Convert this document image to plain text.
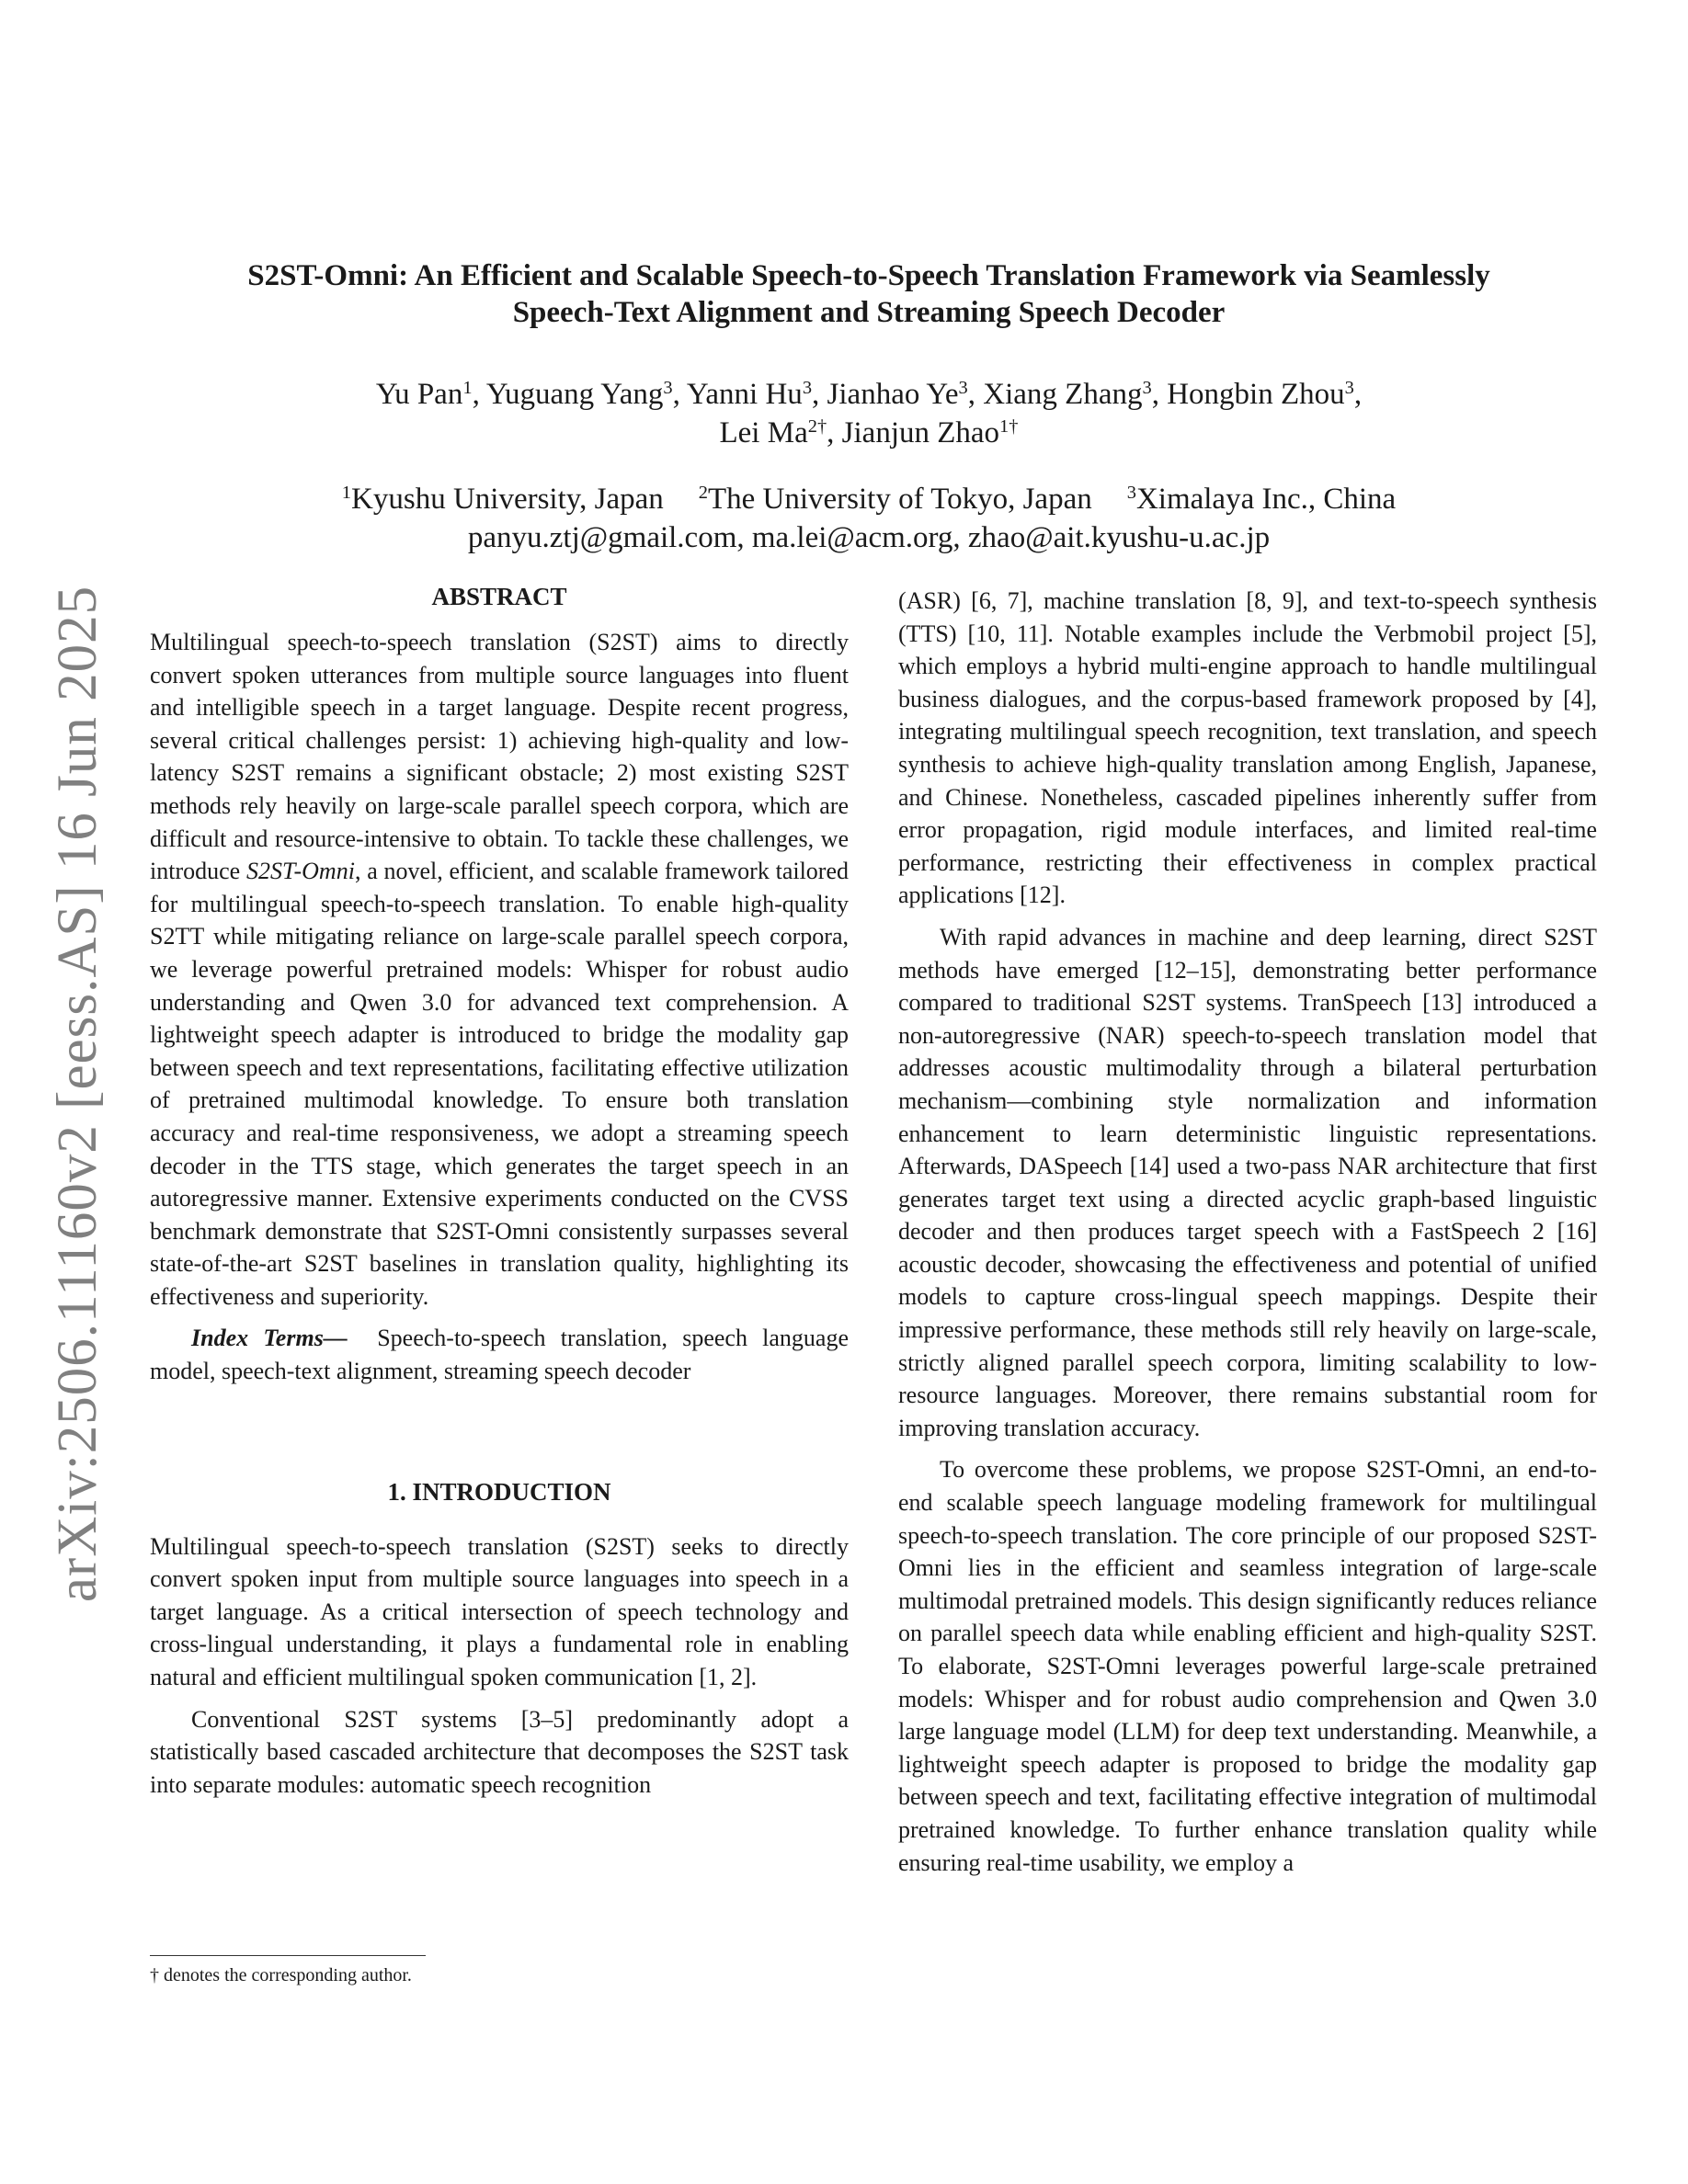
arXiv:2506.11160v2 [eess.AS] 16 Jun 2025
S2ST-Omni: An Efficient and Scalable Speech-to-Speech Translation Framework via Seamlessly
Speech-Text Alignment and Streaming Speech Decoder
Yu Pan$^1$, Yuguang Yang$^3$, Yanni Hu$^3$, Jianhao Ye$^3$, Xiang Zhang$^3$, Hongbin Zhou$^3$,
Lei $Ma^{2\dagger}$, Jianjun Zhao$^{1\dagger}$
$^1$Kyushu University, Japan $^2$The University of Tokyo, Japan $^3$Ximalaya Inc., China
panyu.ztj@gmail.com, ma.lei@acm.org, zhao@ait.kyushu-u.ac.jp
ABSTRACT

Multilingual speech-to-speech translation (S2ST) aims to directly convert spoken utterances from multiple source languages into fluent and intelligible speech in a target language. Despite recent progress, several critical challenges persist: 1) achieving high-quality and low-latency S2ST remains a significant obstacle; 2) most existing S2ST methods rely heavily on large-scale parallel speech corpora, which are difficult and resource-intensive to obtain. To tackle these challenges, we introduce S2ST-Omni, a novel, efficient, and scalable framework tailored for multilingual speech-to-speech translation. To enable high-quality S2TT while mitigating reliance on large-scale parallel speech corpora, we leverage powerful pretrained models: Whisper for robust audio understanding and Qwen 3.0 for advanced text comprehension. A lightweight speech adapter is introduced to bridge the modality gap between speech and text representations, facilitating effective utilization of pretrained multimodal knowledge. To ensure both translation accuracy and real-time responsiveness, we adopt a streaming speech decoder in the TTS stage, which generates the target speech in an autoregressive manner. Extensive experiments conducted on the CVSS benchmark demonstrate that S2ST-Omni consistently surpasses several state-of-the-art S2ST baselines in translation quality, highlighting its effectiveness and superiority.

Index Terms— Speech-to-speech translation, speech language model, speech-text alignment, streaming speech decoder

1. INTRODUCTION

Multilingual speech-to-speech translation (S2ST) seeks to directly convert spoken input from multiple source languages into speech in a target language. As a critical intersection of speech technology and cross-lingual understanding, it plays a fundamental role in enabling natural and efficient multilingual spoken communication [1, 2].

Conventional S2ST systems [3–5] predominantly adopt a statistically based cascaded architecture that decomposes the S2ST task into separate modules: automatic speech recognition

(ASR) [6, 7], machine translation [8, 9], and text-to-speech synthesis (TTS) [10, 11]. Notable examples include the Verbmobil project [5], which employs a hybrid multi-engine approach to handle multilingual business dialogues, and the corpus-based framework proposed by [4], integrating multilingual speech recognition, text translation, and speech synthesis to achieve high-quality translation among English, Japanese, and Chinese. Nonetheless, cascaded pipelines inherently suffer from error propagation, rigid module interfaces, and limited real-time performance, restricting their effectiveness in complex practical applications [12].

With rapid advances in machine and deep learning, direct S2ST methods have emerged [12–15], demonstrating better performance compared to traditional S2ST systems. TranSpeech [13] introduced a non-autoregressive (NAR) speech-to-speech translation model that addresses acoustic multimodality through a bilateral perturbation mechanism—combining style normalization and information enhancement to learn deterministic linguistic representations. Afterwards, DASpeech [14] used a two-pass NAR architecture that first generates target text using a directed acyclic graph-based linguistic decoder and then produces target speech with a FastSpeech 2 [16] acoustic decoder, showcasing the effectiveness and potential of unified models to capture cross-lingual speech mappings. Despite their impressive performance, these methods still rely heavily on large-scale, strictly aligned parallel speech corpora, limiting scalability to low-resource languages. Moreover, there remains substantial room for improving translation accuracy.

To overcome these problems, we propose S2ST-Omni, an end-to-end scalable speech language modeling framework for multilingual speech-to-speech translation. The core principle of our proposed S2ST-Omni lies in the efficient and seamless integration of large-scale multimodal pretrained models. This design significantly reduces reliance on parallel speech data while enabling efficient and high-quality S2ST. To elaborate, S2ST-Omni leverages powerful large-scale pretrained models: Whisper and for robust audio comprehension and Qwen 3.0 large language model (LLM) for deep text understanding. Meanwhile, a lightweight speech adapter is proposed to bridge the modality gap between speech and text, facilitating effective integration of multimodal pretrained knowledge. To further enhance translation quality while ensuring real-time usability, we employ a

† denotes the corresponding author.
